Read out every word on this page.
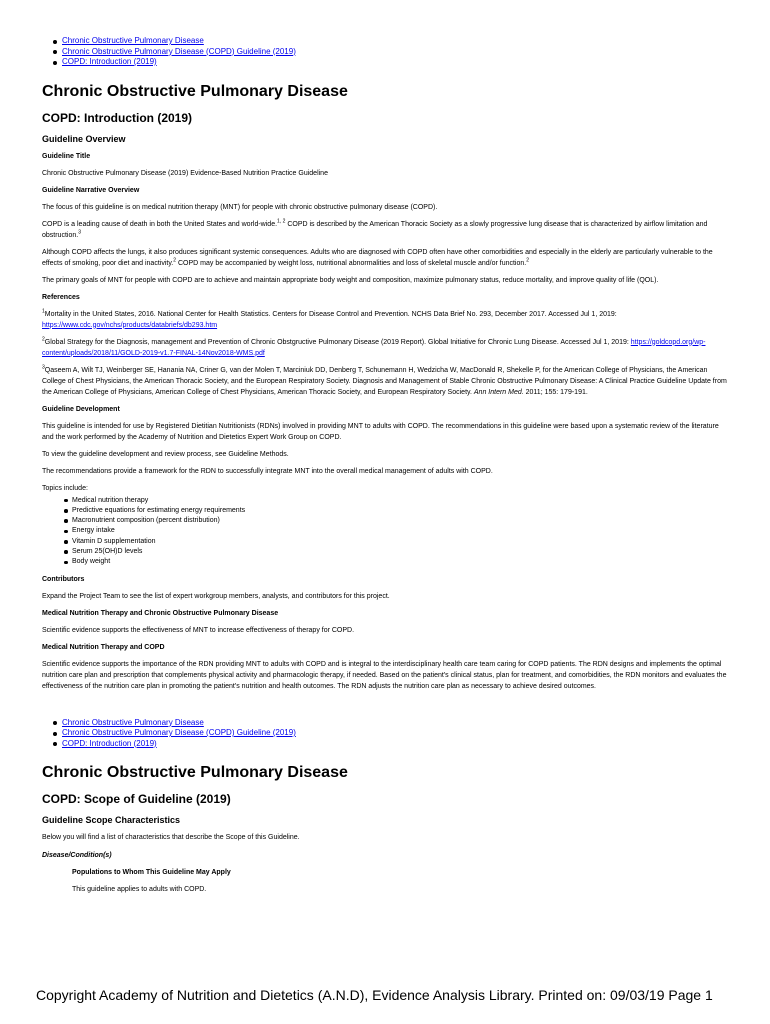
Chronic Obstructive Pulmonary Disease
Chronic Obstructive Pulmonary Disease (COPD) Guideline (2019)
COPD: Introduction (2019)
Chronic Obstructive Pulmonary Disease
COPD: Introduction (2019)
Guideline Overview
Guideline Title

Chronic Obstructive Pulmonary Disease (2019) Evidence-Based Nutrition Practice Guideline

Guideline Narrative Overview

The focus of this guideline is on medical nutrition therapy (MNT) for people with chronic obstructive pulmonary disease (COPD).

COPD is a leading cause of death in both the United States and world-wide.$^{1, 2}$ COPD is described by the American Thoracic Society as a slowly progressive lung disease that is characterized by airflow limitation and obstruction.$^3$

Although COPD affects the lungs, it also produces significant systemic consequences. Adults who are diagnosed with COPD often have other comorbidities and especially in the elderly are particularly vulnerable to the effects of smoking, poor diet and inactivity.$^2$ COPD may be accompanied by weight loss, nutritional abnormalities and loss of skeletal muscle and/or function.$^2$

The primary goals of MNT for people with COPD are to achieve and maintain appropriate body weight and composition, maximize pulmonary status, reduce mortality, and improve quality of life (QOL).

References

$^1$Mortality in the United States, 2016. National Center for Health Statistics. Centers for Disease Control and Prevention. NCHS Data Brief No. 293, December 2017. Accessed Jul 1, 2019: https://www.cdc.gov/nchs/products/databriefs/db293.htm

$^2$Global Strategy for the Diagnosis, management and Prevention of Chronic Obstgructive Pulmonary Disease (2019 Report). Global Initiative for Chronic Lung Disease. Accessed Jul 1, 2019: https://goldcopd.org/wp-content/uploads/2018/11/GOLD-2019-v1.7-FINAL-14Nov2018-WMS.pdf

$^3$Qaseem A, Wilt TJ, Weinberger SE, Hanania NA, Criner G, van der Molen T, Marciniuk DD, Denberg T, Schunemann H, Wedzicha W, MacDonald R, Shekelle P, for the American College of Physicians, the American College of Chest Physicians, the American Thoracic Society, and the European Respiratory Society. Diagnosis and Management of Stable Chronic Obstructive Pulmonary Disease: A Clinical Practice Guideline Update from the American College of Physicians, American College of Chest Physicians, American Thoracic Society, and European Respiratory Society. Ann Intern Med. 2011; 155: 179-191.

Guideline Development

This guideline is intended for use by Registered Dietitian Nutritionists (RDNs) involved in providing MNT to adults with COPD. The recommendations in this guideline were based upon a systematic review of the literature and the work performed by the Academy of Nutrition and Dietetics Expert Work Group on COPD.

To view the guideline development and review process, see Guideline Methods.

The recommendations provide a framework for the RDN to successfully integrate MNT into the overall medical management of adults with COPD.

Topics include:

Medical nutrition therapy
Predictive equations for estimating energy requirements
Macronutrient composition (percent distribution)
Energy intake
Vitamin D supplementation
Serum 25(OH)D levels
Body weight
Contributors

Expand the Project Team to see the list of expert workgroup members, analysts, and contributors for this project.

Medical Nutrition Therapy and Chronic Obstructive Pulmonary Disease

Scientific evidence supports the effectiveness of MNT to increase effectiveness of therapy for COPD.

Medical Nutrition Therapy and COPD

Scientific evidence supports the importance of the RDN providing MNT to adults with COPD and is integral to the interdisciplinary health care team caring for COPD patients. The RDN designs and implements the optimal nutrition care plan and prescription that complements physical activity and pharmacologic therapy, if needed. Based on the patient's clinical status, plan for treatment, and comorbidities, the RDN monitors and evaluates the effectiveness of the nutrition care plan in promoting the patient's nutrition and health outcomes. The RDN adjusts the nutrition care plan as necessary to achieve desired outcomes.

Chronic Obstructive Pulmonary Disease
Chronic Obstructive Pulmonary Disease (COPD) Guideline (2019)
COPD: Introduction (2019)
Chronic Obstructive Pulmonary Disease
COPD: Scope of Guideline (2019)
Guideline Scope Characteristics

Below you will find a list of characteristics that describe the Scope of this Guideline.

Disease/Condition(s)
Populations to Whom This Guideline May Apply

This guideline applies to adults with COPD.

Copyright Academy of Nutrition and Dietetics (A.N.D), Evidence Analysis Library. Printed on: 09/03/19 Page 1
